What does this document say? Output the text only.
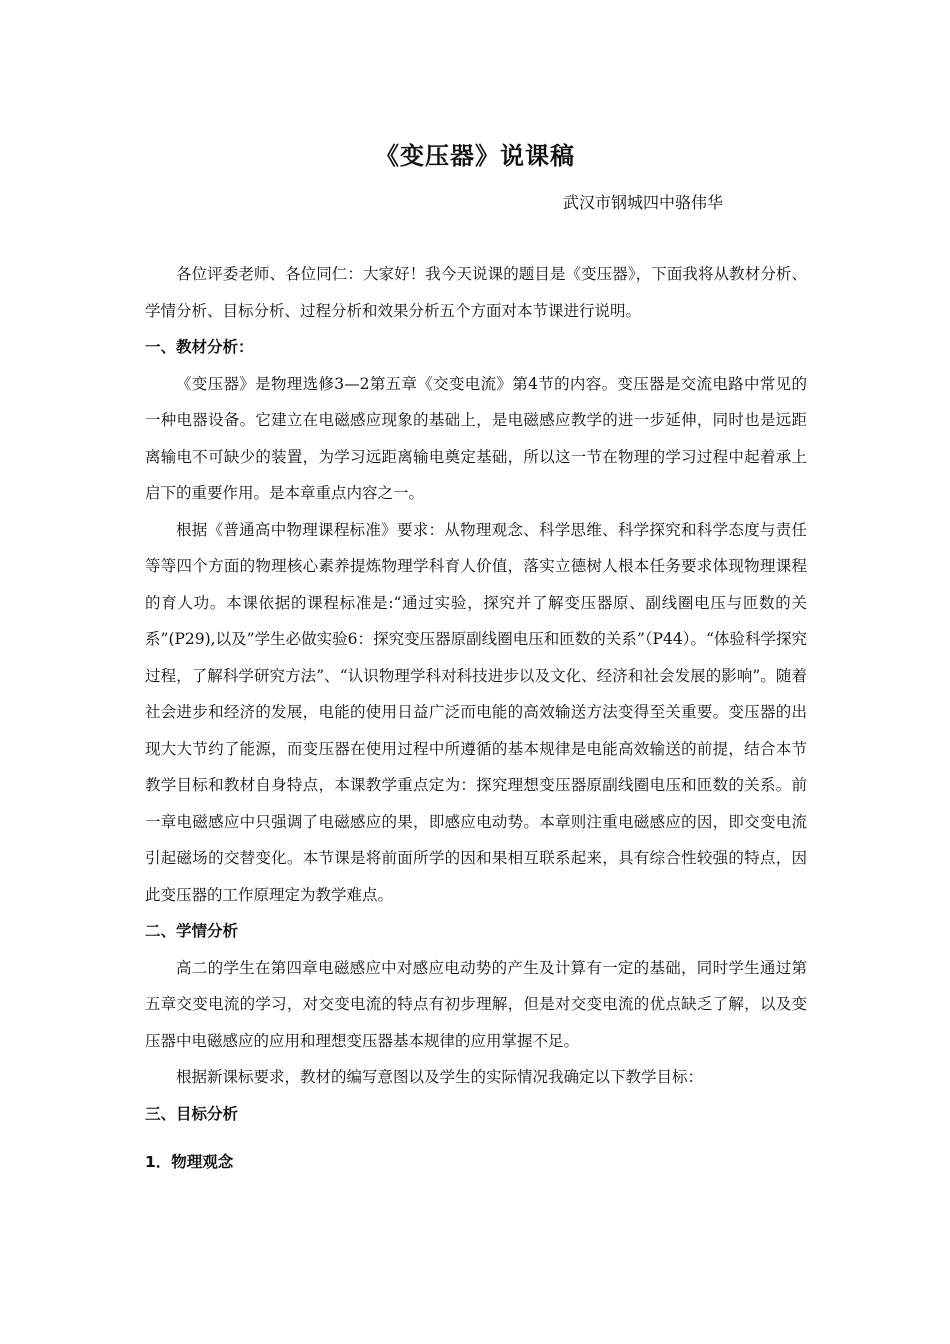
《变压器》说课稿
武汉市钢城四中骆伟华

各位评委老师、各位同仁：大家好！我今天说课的题目是《变压器》，下面我将从教材分析、学情分析、目标分析、过程分析和效果分析五个方面对本节课进行说明。

一、教材分析：

《变压器》是物理选修3—2第五章《交变电流》第4节的内容。变压器是交流电路中常见的一种电器设备。它建立在电磁感应现象的基础上，是电磁感应教学的进一步延伸，同时也是远距离输电不可缺少的装置，为学习远距离输电奠定基础，所以这一节在物理的学习过程中起着承上启下的重要作用。是本章重点内容之一。

根据《普通高中物理课程标准》要求：从物理观念、科学思维、科学探究和科学态度与责任等等四个方面的物理核心素养提炼物理学科育人价值，落实立德树人根本任务要求体现物理课程的育人功。本课依据的课程标准是:“通过实验，探究并了解变压器原、副线圈电压与匝数的关系”(P29),以及”学生必做实验6：探究变压器原副线圈电压和匝数的关系”（P44）。“体验科学探究过程，了解科学研究方法”、“认识物理学科对科技进步以及文化、经济和社会发展的影响”。随着社会进步和经济的发展，电能的使用日益广泛而电能的高效输送方法变得至关重要。变压器的出现大大节约了能源，而变压器在使用过程中所遵循的基本规律是电能高效输送的前提，结合本节教学目标和教材自身特点，本课教学重点定为：探究理想变压器原副线圈电压和匝数的关系。前一章电磁感应中只强调了电磁感应的果，即感应电动势。本章则注重电磁感应的因，即交变电流引起磁场的交替变化。本节课是将前面所学的因和果相互联系起来，具有综合性较强的特点，因此变压器的工作原理定为教学难点。

二、学情分析

高二的学生在第四章电磁感应中对感应电动势的产生及计算有一定的基础，同时学生通过第五章交变电流的学习，对交变电流的特点有初步理解，但是对交变电流的优点缺乏了解，以及变压器中电磁感应的应用和理想变压器基本规律的应用掌握不足。

根据新课标要求，教材的编写意图以及学生的实际情况我确定以下教学目标：

三、目标分析
1．物理观念
